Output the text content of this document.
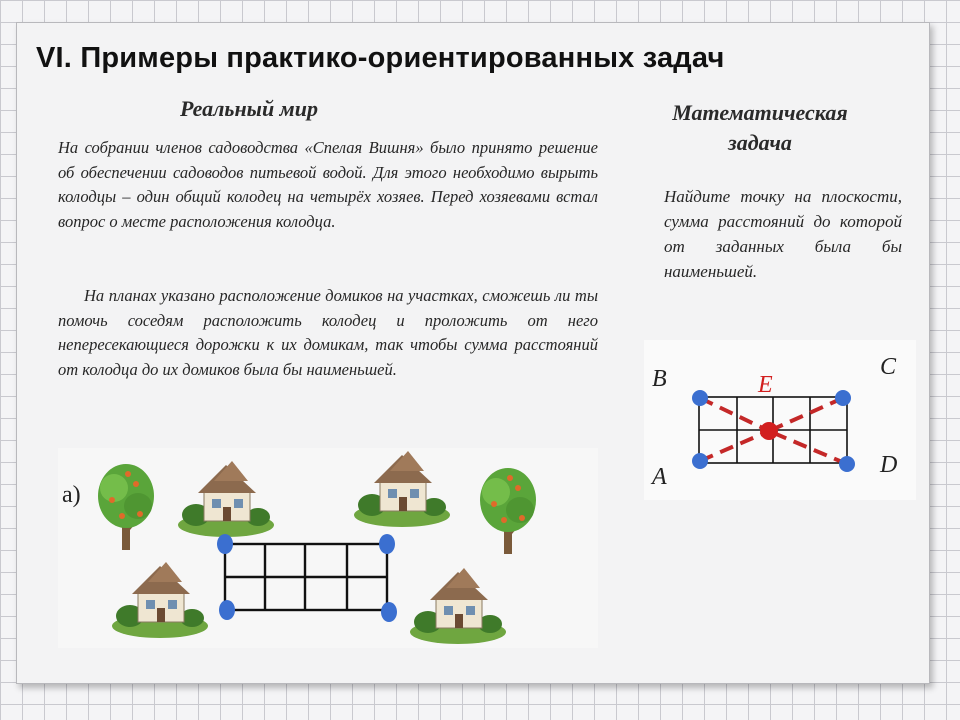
VI. Примеры практико-ориентированных задач
Реальный мир

На собрании членов садоводства «Спелая Вишня» было принято решение об обеспечении садоводов питьевой водой. Для этого необходимо вырыть колодцы – один общий колодец на четырёх хозяев. Перед хозяевами встал вопрос о месте расположения колодца.

На планах указано расположение домиков на участках, сможешь ли ты помочь соседям расположить колодец и проложить от него непересекающиеся дорожки к их домикам, так чтобы сумма расстояний от колодца до их домиков была бы наименьшей.

Математическая задача

Найдите точку на плоскости, сумма расстояний до которой от заданных была бы наименьшей.

B	C

A	D

E

а)
